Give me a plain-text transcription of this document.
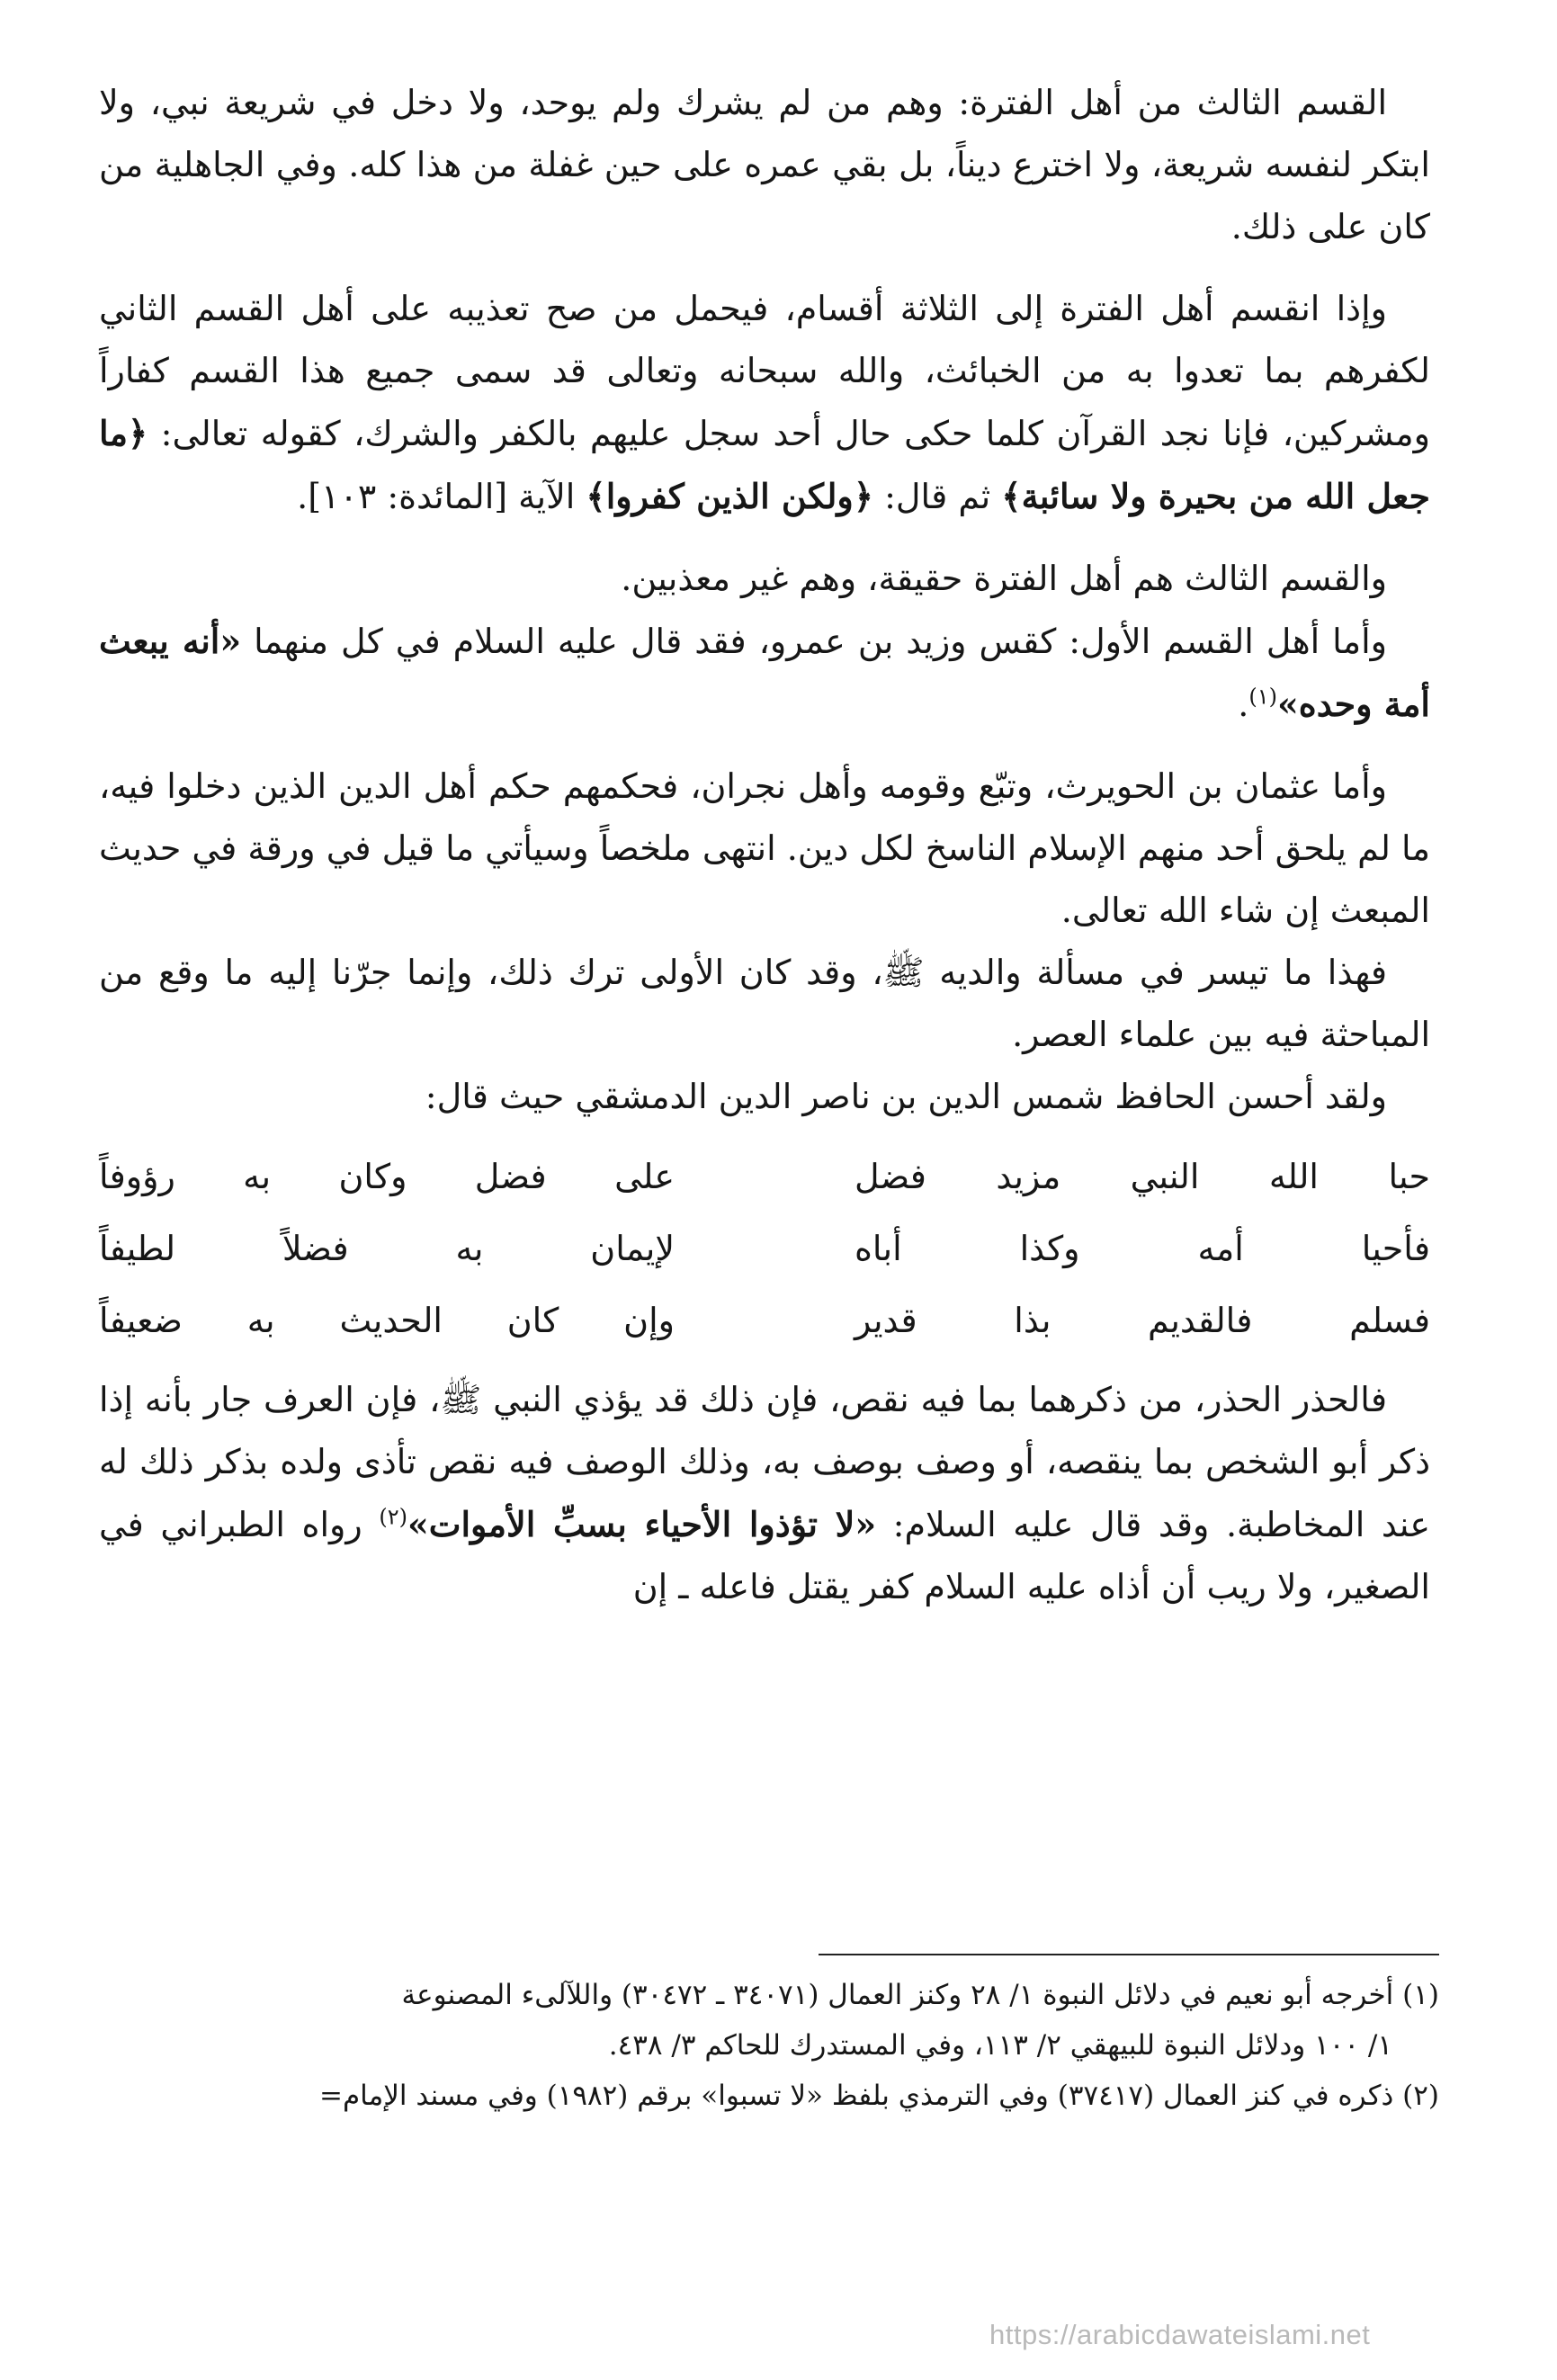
القسم الثالث من أهل الفترة: وهم من لم يشرك ولم يوحد، ولا دخل في شريعة نبي، ولا ابتكر لنفسه شريعة، ولا اخترع ديناً، بل بقي عمره على حين غفلة من هذا كله. وفي الجاهلية من كان على ذلك.

وإذا انقسم أهل الفترة إلى الثلاثة أقسام، فيحمل من صح تعذيبه على أهل القسم الثاني لكفرهم بما تعدوا به من الخبائث، والله سبحانه وتعالى قد سمى جميع هذا القسم كفاراً ومشركين، فإنا نجد القرآن كلما حكى حال أحد سجل عليهم بالكفر والشرك، كقوله تعالى: ﴿ما جعل الله من بحيرة ولا سائبة﴾ ثم قال: ﴿ولكن الذين كفروا﴾ الآية [المائدة: ١٠٣].

والقسم الثالث هم أهل الفترة حقيقة، وهم غير معذبين.

وأما أهل القسم الأول: كقس وزيد بن عمرو، فقد قال عليه السلام في كل منهما «أنه يبعث أمة وحده»$^{(١)}$.

وأما عثمان بن الحويرث، وتبّع وقومه وأهل نجران، فحكمهم حكم أهل الدين الذين دخلوا فيه، ما لم يلحق أحد منهم الإسلام الناسخ لكل دين. انتهى ملخصاً وسيأتي ما قيل في ورقة في حديث المبعث إن شاء الله تعالى.

فهذا ما تيسر في مسألة والديه ﷺ، وقد كان الأولى ترك ذلك، وإنما جرّنا إليه ما وقع من المباحثة فيه بين علماء العصر.

ولقد أحسن الحافظ شمس الدين بن ناصر الدين الدمشقي حيث قال:

حبا الله النبي مزيد فضل
على فضل وكان به رؤوفاً
فأحيا أمه وكذا أباه
لإيمان به فضلاً لطيفاً
فسلم فالقديم بذا قدير
وإن كان الحديث به ضعيفاً

فالحذر الحذر، من ذكرهما بما فيه نقص، فإن ذلك قد يؤذي النبي ﷺ، فإن العرف جار بأنه إذا ذكر أبو الشخص بما ينقصه، أو وصف بوصف به، وذلك الوصف فيه نقص تأذى ولده بذكر ذلك له عند المخاطبة. وقد قال عليه السلام: «لا تؤذوا الأحياء بسبِّ الأموات»$^{(٢)}$ رواه الطبراني في الصغير، ولا ريب أن أذاه عليه السلام كفر يقتل فاعله ـ إن

(١) أخرجه أبو نعيم في دلائل النبوة ١/ ٢٨ وكنز العمال (٣٤٠٧١ ـ ٣٠٤٧٢) واللآلىء المصنوعة
١/ ١٠٠ ودلائل النبوة للبيهقي ٢/ ١١٣، وفي المستدرك للحاكم ٣/ ٤٣٨.

(٢) ذكره في كنز العمال (٣٧٤١٧) وفي الترمذي بلفظ «لا تسبوا» برقم (١٩٨٢) وفي مسند الإمام=

https://arabicdawateislami.net
